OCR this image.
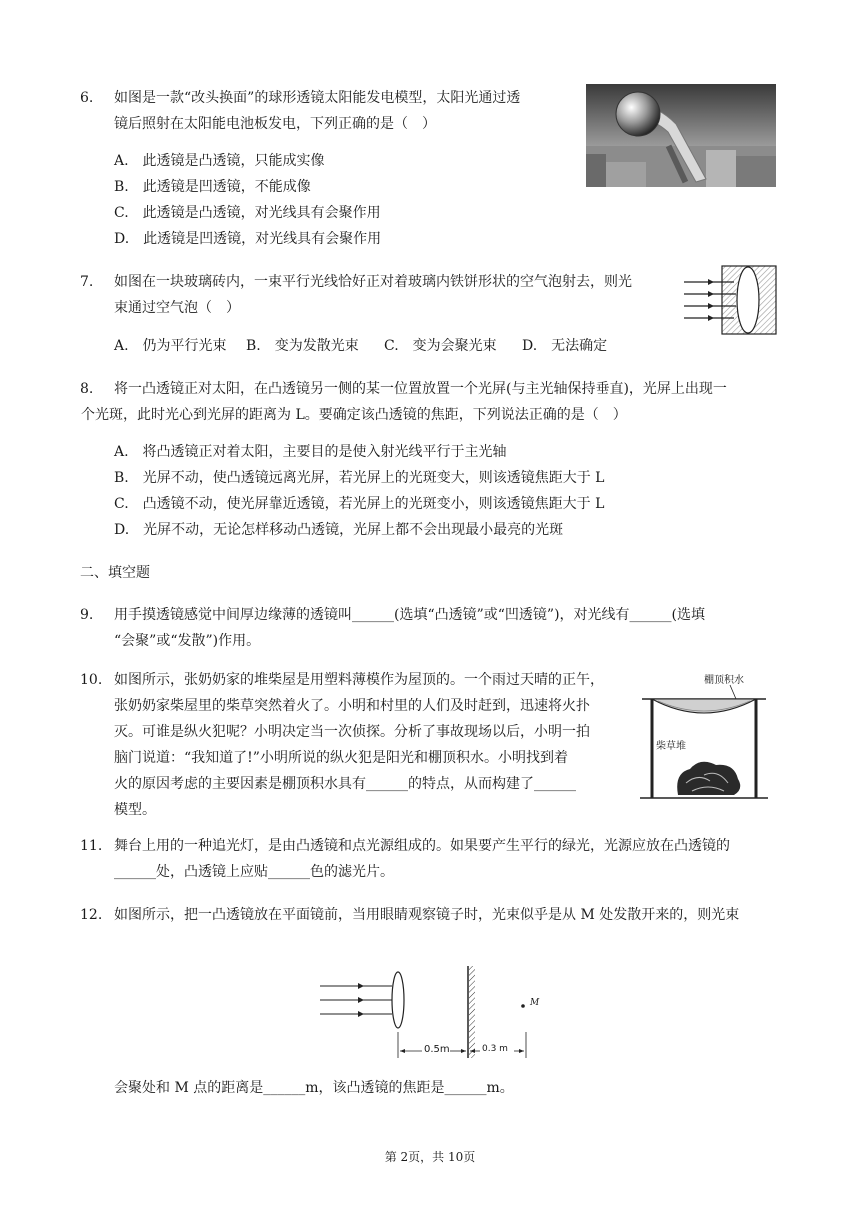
6. 如图是一款“改头换面”的球形透镜太阳能发电模型，太阳光通过透
镜后照射在太阳能电池板发电，下列正确的是（　）
A.　此透镜是凸透镜，只能成实像
B.　此透镜是凹透镜，不能成像
C.　此透镜是凸透镜，对光线具有会聚作用
D.　此透镜是凹透镜，对光线具有会聚作用
7. 如图在一块玻璃砖内，一束平行光线恰好正对着玻璃内铁饼形状的空气泡射去，则光
束通过空气泡（　）
A.　仍为平行光束 B.　变为发散光束 C.　变为会聚光束 D.　无法确定
8. 将一凸透镜正对太阳，在凸透镜另一侧的某一位置放置一个光屏(与主光轴保持垂直)，光屏上出现一
个光斑，此时光心到光屏的距离为 L。要确定该凸透镜的焦距，下列说法正确的是（　）
A.　将凸透镜正对着太阳，主要目的是使入射光线平行于主光轴
B.　光屏不动，使凸透镜远离光屏，若光屏上的光斑变大，则该透镜焦距大于 L
C.　凸透镜不动，使光屏靠近透镜，若光屏上的光斑变小，则该透镜焦距大于 L
D.　光屏不动，无论怎样移动凸透镜，光屏上都不会出现最小最亮的光斑
二、填空题
9. 用手摸透镜感觉中间厚边缘薄的透镜叫______(选填“凸透镜”或“凹透镜”)，对光线有______(选填
“会聚”或“发散”)作用。
10. 如图所示，张奶奶家的堆柴屋是用塑料薄模作为屋顶的。一个雨过天晴的正午，
张奶奶家柴屋里的柴草突然着火了。小明和村里的人们及时赶到，迅速将火扑
灭。可谁是纵火犯呢？小明决定当一次侦探。分析了事故现场以后，小明一拍
脑门说道：“我知道了!”小明所说的纵火犯是阳光和棚顶积水。小明找到着
火的原因考虑的主要因素是棚顶积水具有______的特点，从而构建了______
模型。
棚顶积水
柴草堆
11. 舞台上用的一种追光灯，是由凸透镜和点光源组成的。如果要产生平行的绿光，光源应放在凸透镜的
______处，凸透镜上应贴______色的滤光片。
12. 如图所示，把一凸透镜放在平面镜前，当用眼睛观察镜子时，光束似乎是从 M 处发散开来的，则光束
M
0.5m	0.3 m
会聚处和 M 点的距离是______m，该凸透镜的焦距是______m。
第 2页，共 10页
